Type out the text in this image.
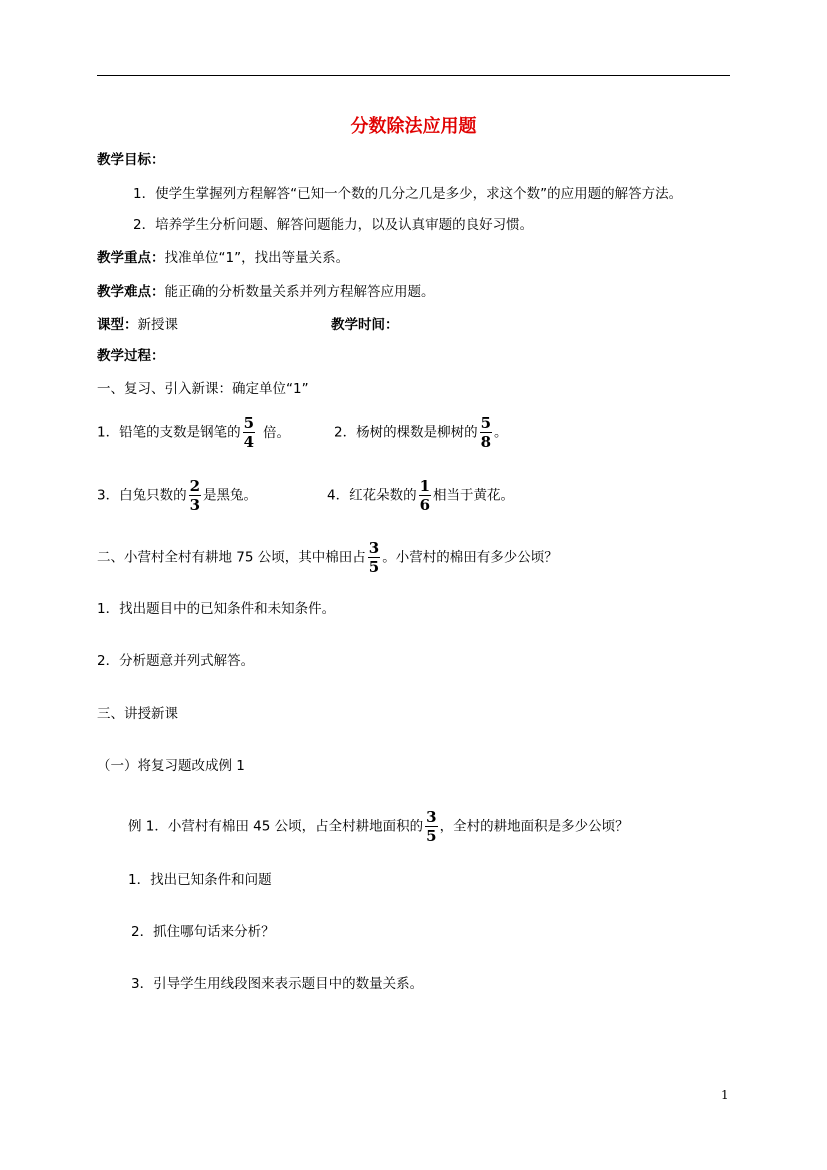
分数除法应用题
教学目标：
1．使学生掌握列方程解答“已知一个数的几分之几是多少，求这个数”的应用题的解答方法。
2．培养学生分析问题、解答问题能力，以及认真审题的良好习惯。
教学重点：找准单位“1”，找出等量关系。
教学难点：能正确的分析数量关系并列方程解答应用题。
课型：新授课	教学时间：
教学过程：
一、复习、引入新课：确定单位“1”
1．铅笔的支数是钢笔的 $\frac{5}{4}$ 倍。	2．杨树的棵数是柳树的 $\frac{5}{8}$ 。
3．白兔只数的 $\frac{2}{3}$ 是黑兔。	4．红花朵数的 $\frac{1}{6}$ 相当于黄花。
二、小营村全村有耕地 75 公顷，其中棉田占 $\frac{3}{5}$ 。小营村的棉田有多少公顷？
1．找出题目中的已知条件和未知条件。
2．分析题意并列式解答。
三、讲授新课
（一）将复习题改成例 1
例 1．小营村有棉田 45 公顷，占全村耕地面积的 $\frac{3}{5}$ ，全村的耕地面积是多少公顷？
1．找出已知条件和问题
2．抓住哪句话来分析？
3．引导学生用线段图来表示题目中的数量关系。
1
